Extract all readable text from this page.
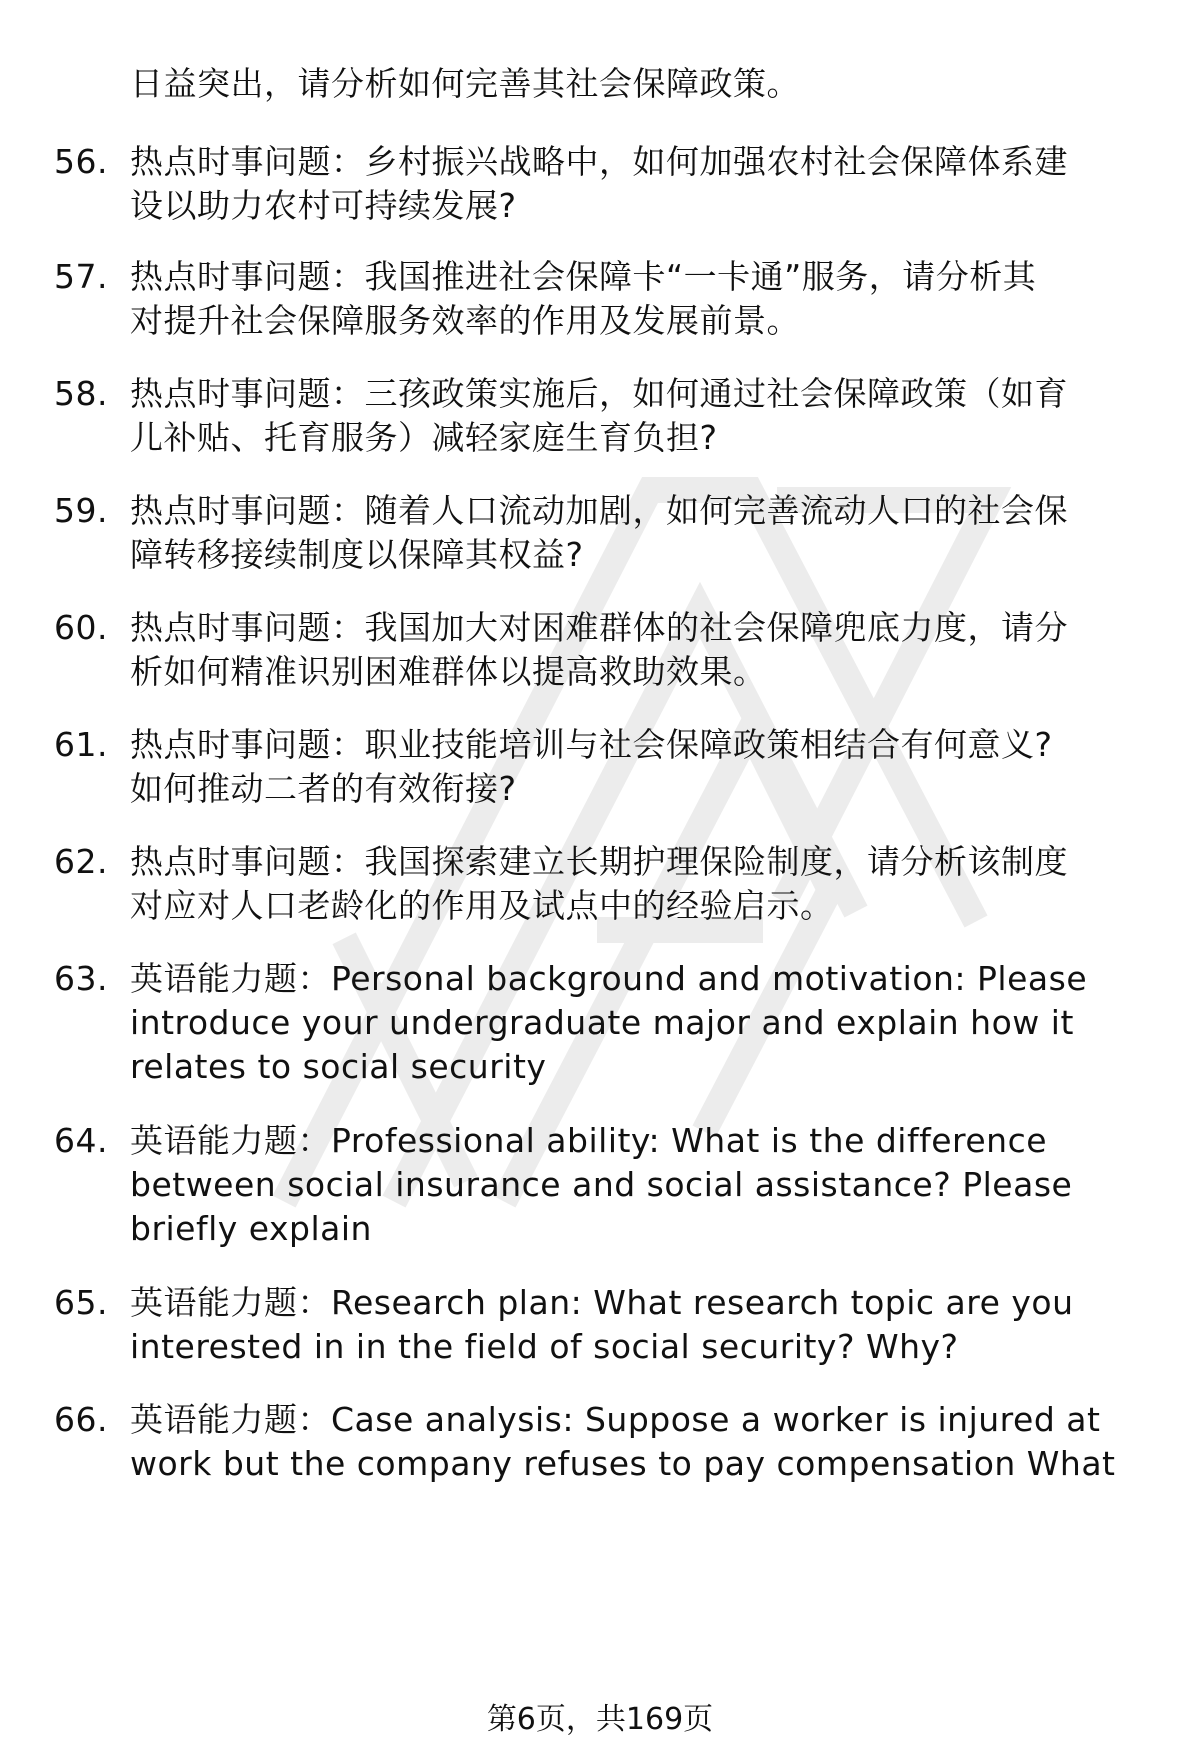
日益突出，请分析如何完善其社会保障政策。
56. 热点时事问题：乡村振兴战略中，如何加强农村社会保障体系建
设以助力农村可持续发展?
57. 热点时事问题：我国推进社会保障卡“一卡通”服务，请分析其
对提升社会保障服务效率的作用及发展前景。
58. 热点时事问题：三孩政策实施后，如何通过社会保障政策（如育
儿补贴、托育服务）减轻家庭生育负担?
59. 热点时事问题：随着人口流动加剧，如何完善流动人口的社会保
障转移接续制度以保障其权益?
60. 热点时事问题：我国加大对困难群体的社会保障兜底力度，请分
析如何精准识别困难群体以提高救助效果。
61. 热点时事问题：职业技能培训与社会保障政策相结合有何意义?
如何推动二者的有效衔接?
62. 热点时事问题：我国探索建立长期护理保险制度，请分析该制度
对应对人口老龄化的作用及试点中的经验启示。
63. 英语能力题：Personal background and motivation: Please
introduce your undergraduate major and explain how it
relates to social security
64. 英语能力题：Professional ability: What is the difference
between social insurance and social assistance? Please
briefly explain
65. 英语能力题：Research plan: What research topic are you
interested in in the field of social security? Why?
66. 英语能力题：Case analysis: Suppose a worker is injured at
work but the company refuses to pay compensation What
第6页，共169页
